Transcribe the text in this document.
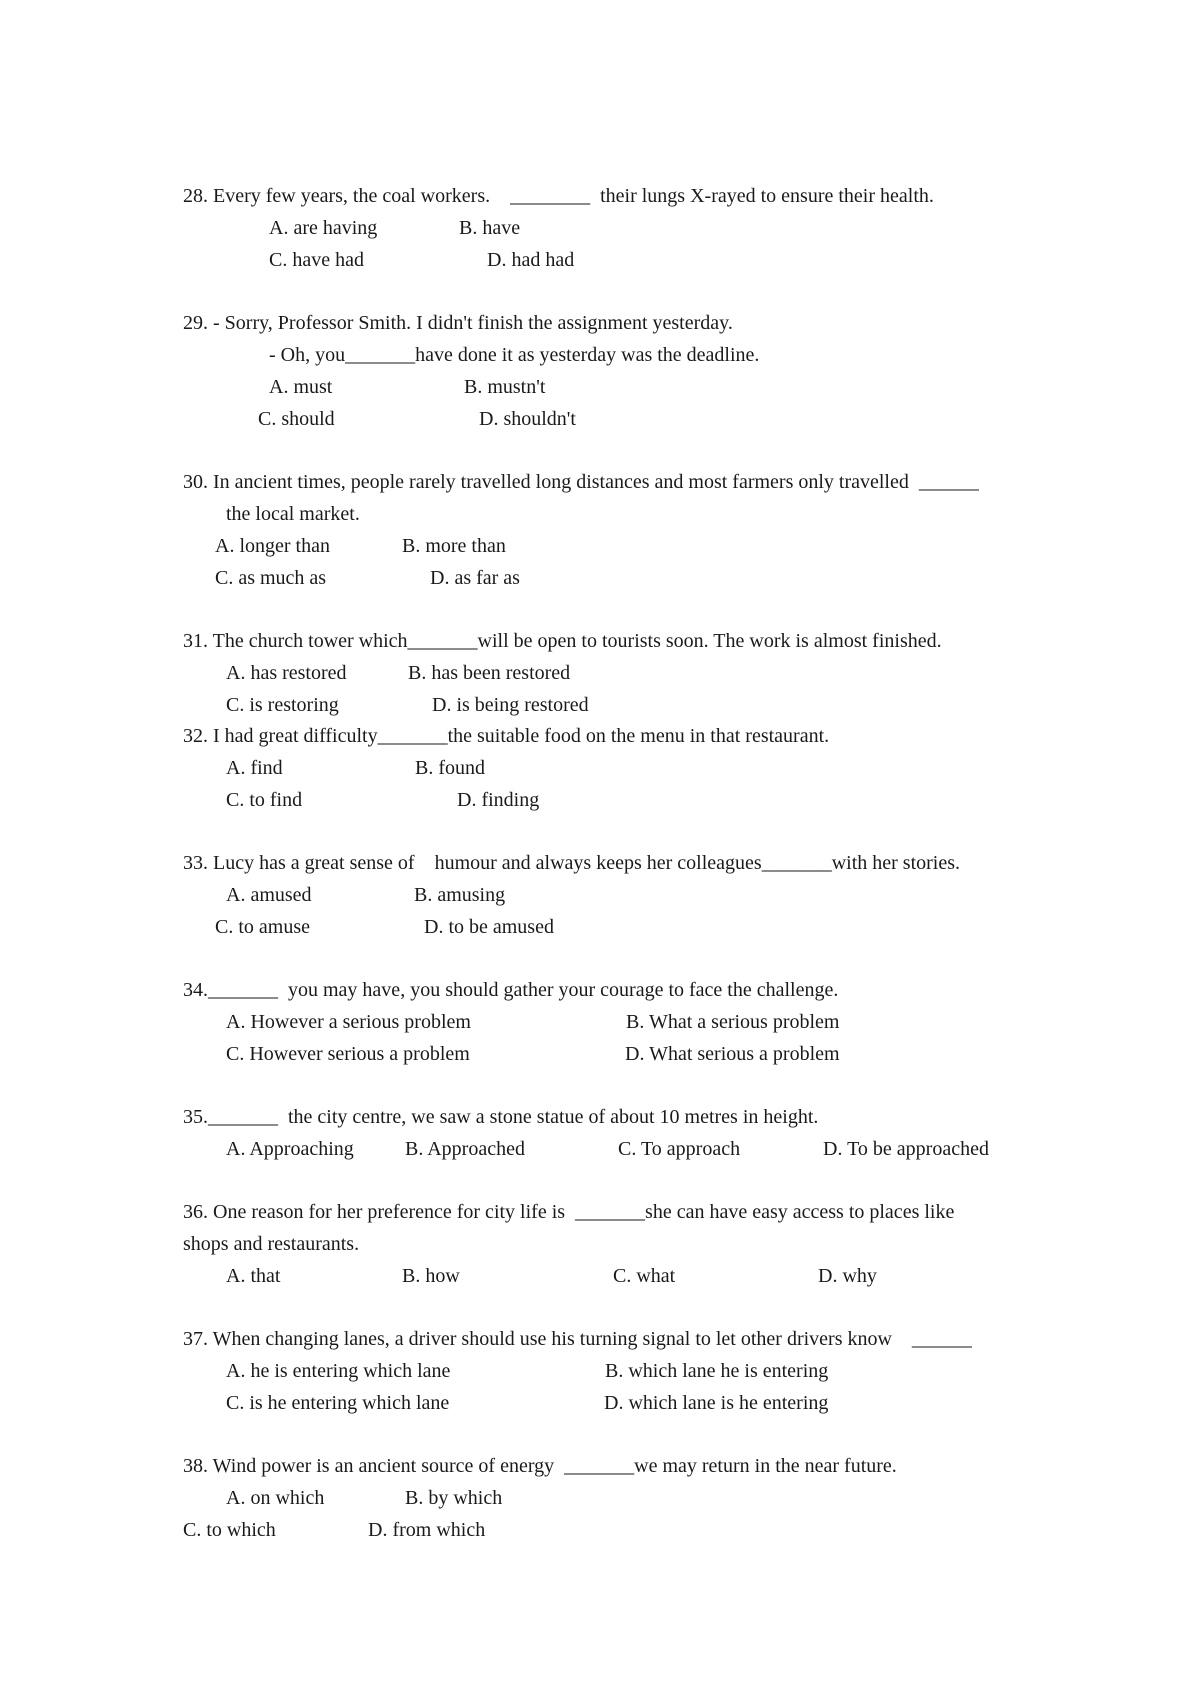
28. Every few years, the coal workers.    ________  their lungs X-rayed to ensure their health.
A. are having	B. have
C. have had	D. had had
29. - Sorry, Professor Smith. I didn't finish the assignment yesterday.
- Oh, you_______have done it as yesterday was the deadline.
A. must	B. mustn't
C. should	D. shouldn't
30. In ancient times, people rarely travelled long distances and most farmers only travelled  ______
the local market.
A. longer than	B. more than
C. as much as	D. as far as
31. The church tower which_______will be open to tourists soon. The work is almost finished.
A. has restored	B. has been restored
C. is restoring	D. is being restored
32. I had great difficulty_______the suitable food on the menu in that restaurant.
A. find	B. found
C. to find	D. finding
33. Lucy has a great sense of    humour and always keeps her colleagues_______with her stories.
A. amused	B. amusing
C. to amuse	D. to be amused
34._______  you may have, you should gather your courage to face the challenge.
A. However a serious problem	B. What a serious problem
C. However serious a problem	D. What serious a problem
35._______  the city centre, we saw a stone statue of about 10 metres in height.
A. Approaching	B. Approached	C. To approach	D. To be approached
36. One reason for her preference for city life is  _______she can have easy access to places like
shops and restaurants.
A. that	B. how	C. what	D. why
37. When changing lanes, a driver should use his turning signal to let other drivers know    ______
A. he is entering which lane	B. which lane he is entering
C. is he entering which lane	D. which lane is he entering
38. Wind power is an ancient source of energy  _______we may return in the near future.
A. on which	B. by which
C. to which	D. from which
